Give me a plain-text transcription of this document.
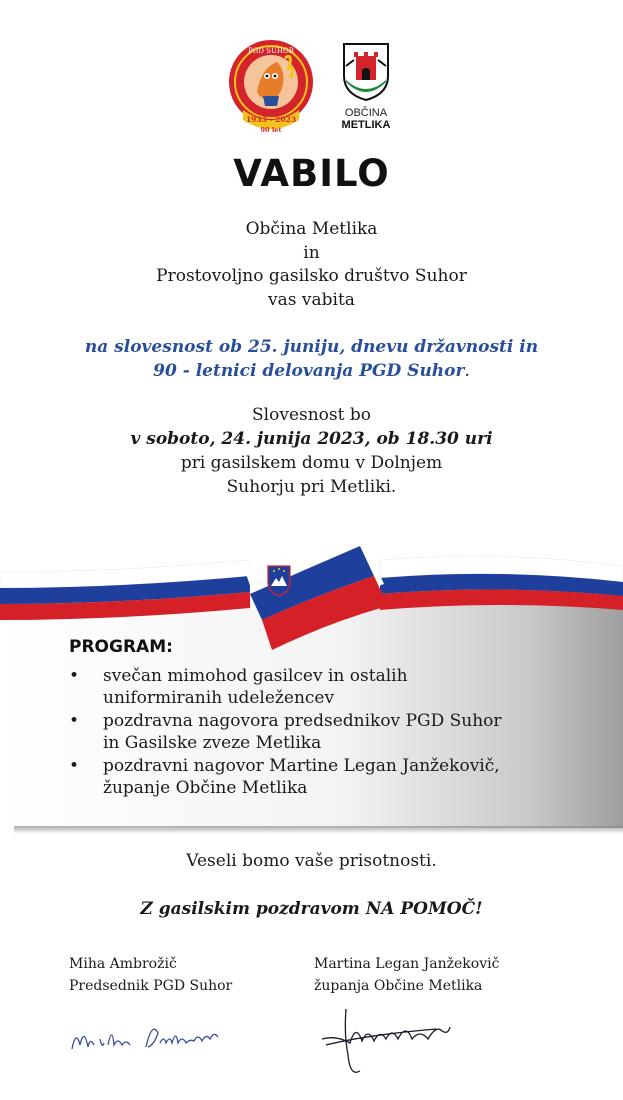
PGD SUHOR
1933 - 2023
90 let
OBČINA
METLIKA
VABILO
Občina Metlika
in
Prostovoljno gasilsko društvo Suhor
vas vabita
na slovesnost ob 25. juniju, dnevu državnosti in
90 - letnici delovanja PGD Suhor.
Slovesnost bo
v soboto, 24. junija 2023, ob 18.30 uri
pri gasilskem domu v Dolnjem
Suhorju pri Metliki.
PROGRAM:
• svečan mimohod gasilcev in ostalih
uniformiranih udeležencev
• pozdravna nagovora predsednikov PGD Suhor
in Gasilske zveze Metlika
• pozdravni nagovor Martine Legan Janžekovič,
županje Občine Metlika
Veseli bomo vaše prisotnosti.
Z gasilskim pozdravom NA POMOČ!
Miha Ambrožič
Predsednik PGD Suhor
Martina Legan Janžekovič
županja Občine Metlika
